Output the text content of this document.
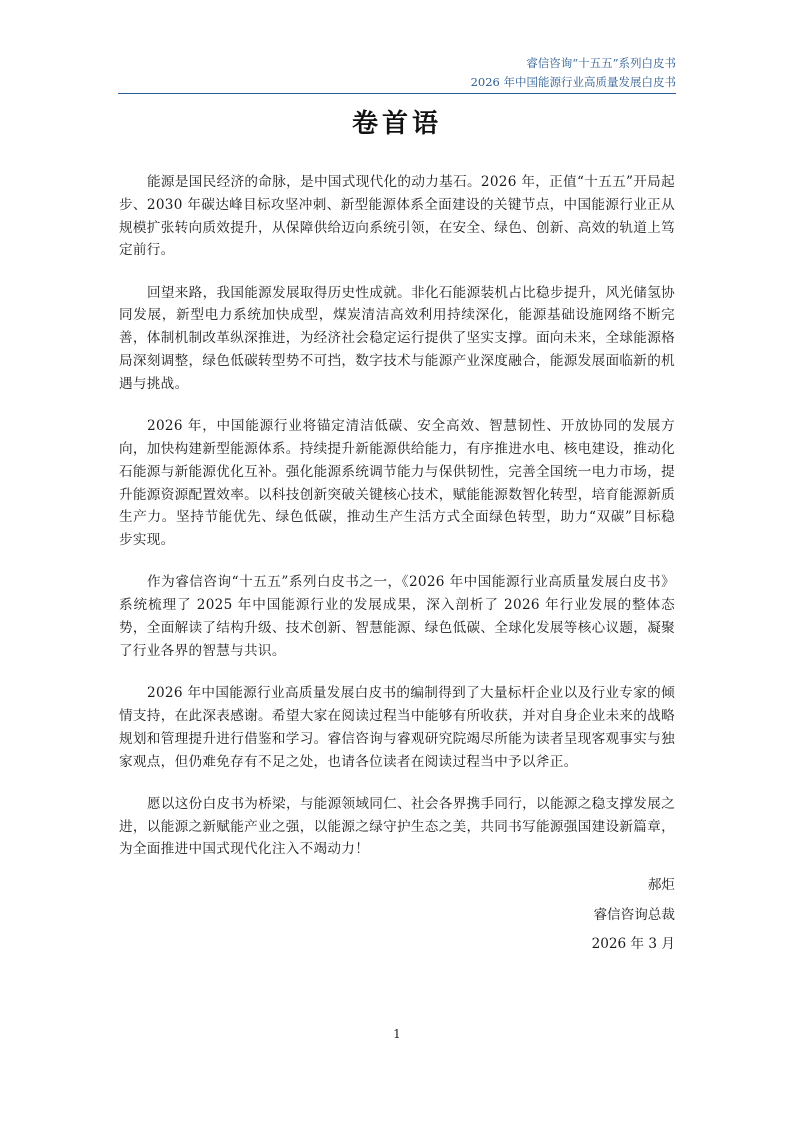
睿信咨询“十五五”系列白皮书
2026 年中国能源行业高质量发展白皮书
卷首语

能源是国民经济的命脉，是中国式现代化的动力基石。2026 年，正值“十五五”开局起步、2030 年碳达峰目标攻坚冲刺、新型能源体系全面建设的关键节点，中国能源行业正从规模扩张转向质效提升，从保障供给迈向系统引领，在安全、绿色、创新、高效的轨道上笃定前行。

回望来路，我国能源发展取得历史性成就。非化石能源装机占比稳步提升，风光储氢协同发展，新型电力系统加快成型，煤炭清洁高效利用持续深化，能源基础设施网络不断完善，体制机制改革纵深推进，为经济社会稳定运行提供了坚实支撑。面向未来，全球能源格局深刻调整，绿色低碳转型势不可挡，数字技术与能源产业深度融合，能源发展面临新的机遇与挑战。

2026 年，中国能源行业将锚定清洁低碳、安全高效、智慧韧性、开放协同的发展方向，加快构建新型能源体系。持续提升新能源供给能力，有序推进水电、核电建设，推动化石能源与新能源优化互补。强化能源系统调节能力与保供韧性，完善全国统一电力市场，提升能源资源配置效率。以科技创新突破关键核心技术，赋能能源数智化转型，培育能源新质生产力。坚持节能优先、绿色低碳，推动生产生活方式全面绿色转型，助力“双碳”目标稳步实现。

作为睿信咨询“十五五”系列白皮书之一，《2026 年中国能源行业高质量发展白皮书》系统梳理了 2025 年中国能源行业的发展成果，深入剖析了 2026 年行业发展的整体态势，全面解读了结构升级、技术创新、智慧能源、绿色低碳、全球化发展等核心议题，凝聚了行业各界的智慧与共识。

2026 年中国能源行业高质量发展白皮书的编制得到了大量标杆企业以及行业专家的倾情支持，在此深表感谢。希望大家在阅读过程当中能够有所收获，并对自身企业未来的战略规划和管理提升进行借鉴和学习。睿信咨询与睿观研究院竭尽所能为读者呈现客观事实与独家观点，但仍难免存有不足之处，也请各位读者在阅读过程当中予以斧正。

愿以这份白皮书为桥梁，与能源领域同仁、社会各界携手同行，以能源之稳支撑发展之进，以能源之新赋能产业之强，以能源之绿守护生态之美，共同书写能源强国建设新篇章，为全面推进中国式现代化注入不竭动力！

郝炬
睿信咨询总裁
2026 年 3 月
1
